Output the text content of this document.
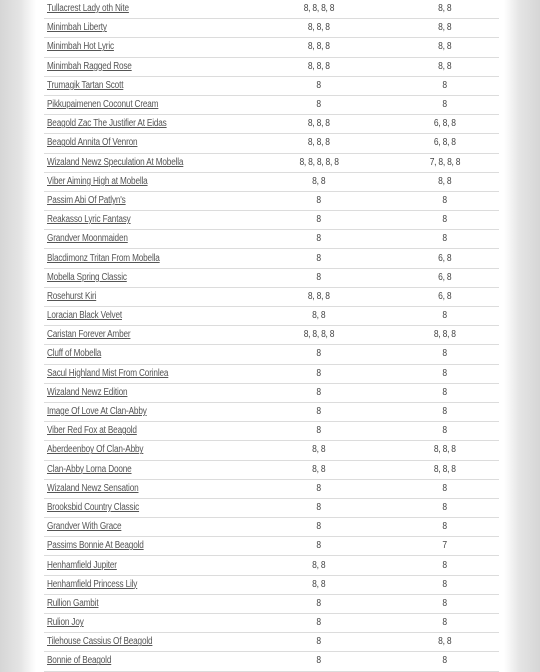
Tullacrest Lady oth Nite	8, 8, 8, 8	8, 8
Minimbah Liberty	8, 8, 8	8, 8
Minimbah Hot Lyric	8, 8, 8	8, 8
Minimbah Ragged Rose	8, 8, 8	8, 8
Trumagik Tartan Scott	8	8
Pikkupaimenen Coconut Cream	8	8
Beagold Zac The Justifier At Eidas	8, 8, 8	6, 8, 8
Beagold Annita Of Venron	8, 8, 8	6, 8, 8
Wizaland Newz Speculation At Mobella	8, 8, 8, 8, 8	7, 8, 8, 8
Viber Aiming High at Mobella	8, 8	8, 8
Passim Abi Of Patlyn's	8	8
Reakasso Lyric Fantasy	8	8
Grandver Moonmaiden	8	8
Blacdimonz Tritan From Mobella	8	6, 8
Mobella Spring Classic	8	6, 8
Rosehurst Kiri	8, 8, 8	6, 8
Loracian Black Velvet	8, 8	8
Caristan Forever Amber	8, 8, 8, 8	8, 8, 8
Cluff of Mobella	8	8
Sacul Highland Mist From Corinlea	8	8
Wizaland Newz Edition	8	8
Image Of Love At Clan-Abby	8	8
Viber Red Fox at Beagold	8	8
Aberdeenboy Of Clan-Abby	8, 8	8, 8, 8
Clan-Abby Lorna Doone	8, 8	8, 8, 8
Wizaland Newz Sensation	8	8
Brooksbid Country Classic	8	8
Grandver With Grace	8	8
Passims Bonnie At Beagold	8	7
Henhamfield Jupiter	8, 8	8
Henhamfield Princess Lily	8, 8	8
Rullion Gambit	8	8
Rulion Joy	8	8
Tilehouse Cassius Of Beagold	8	8, 8
Bonnie of Beagold	8	8
